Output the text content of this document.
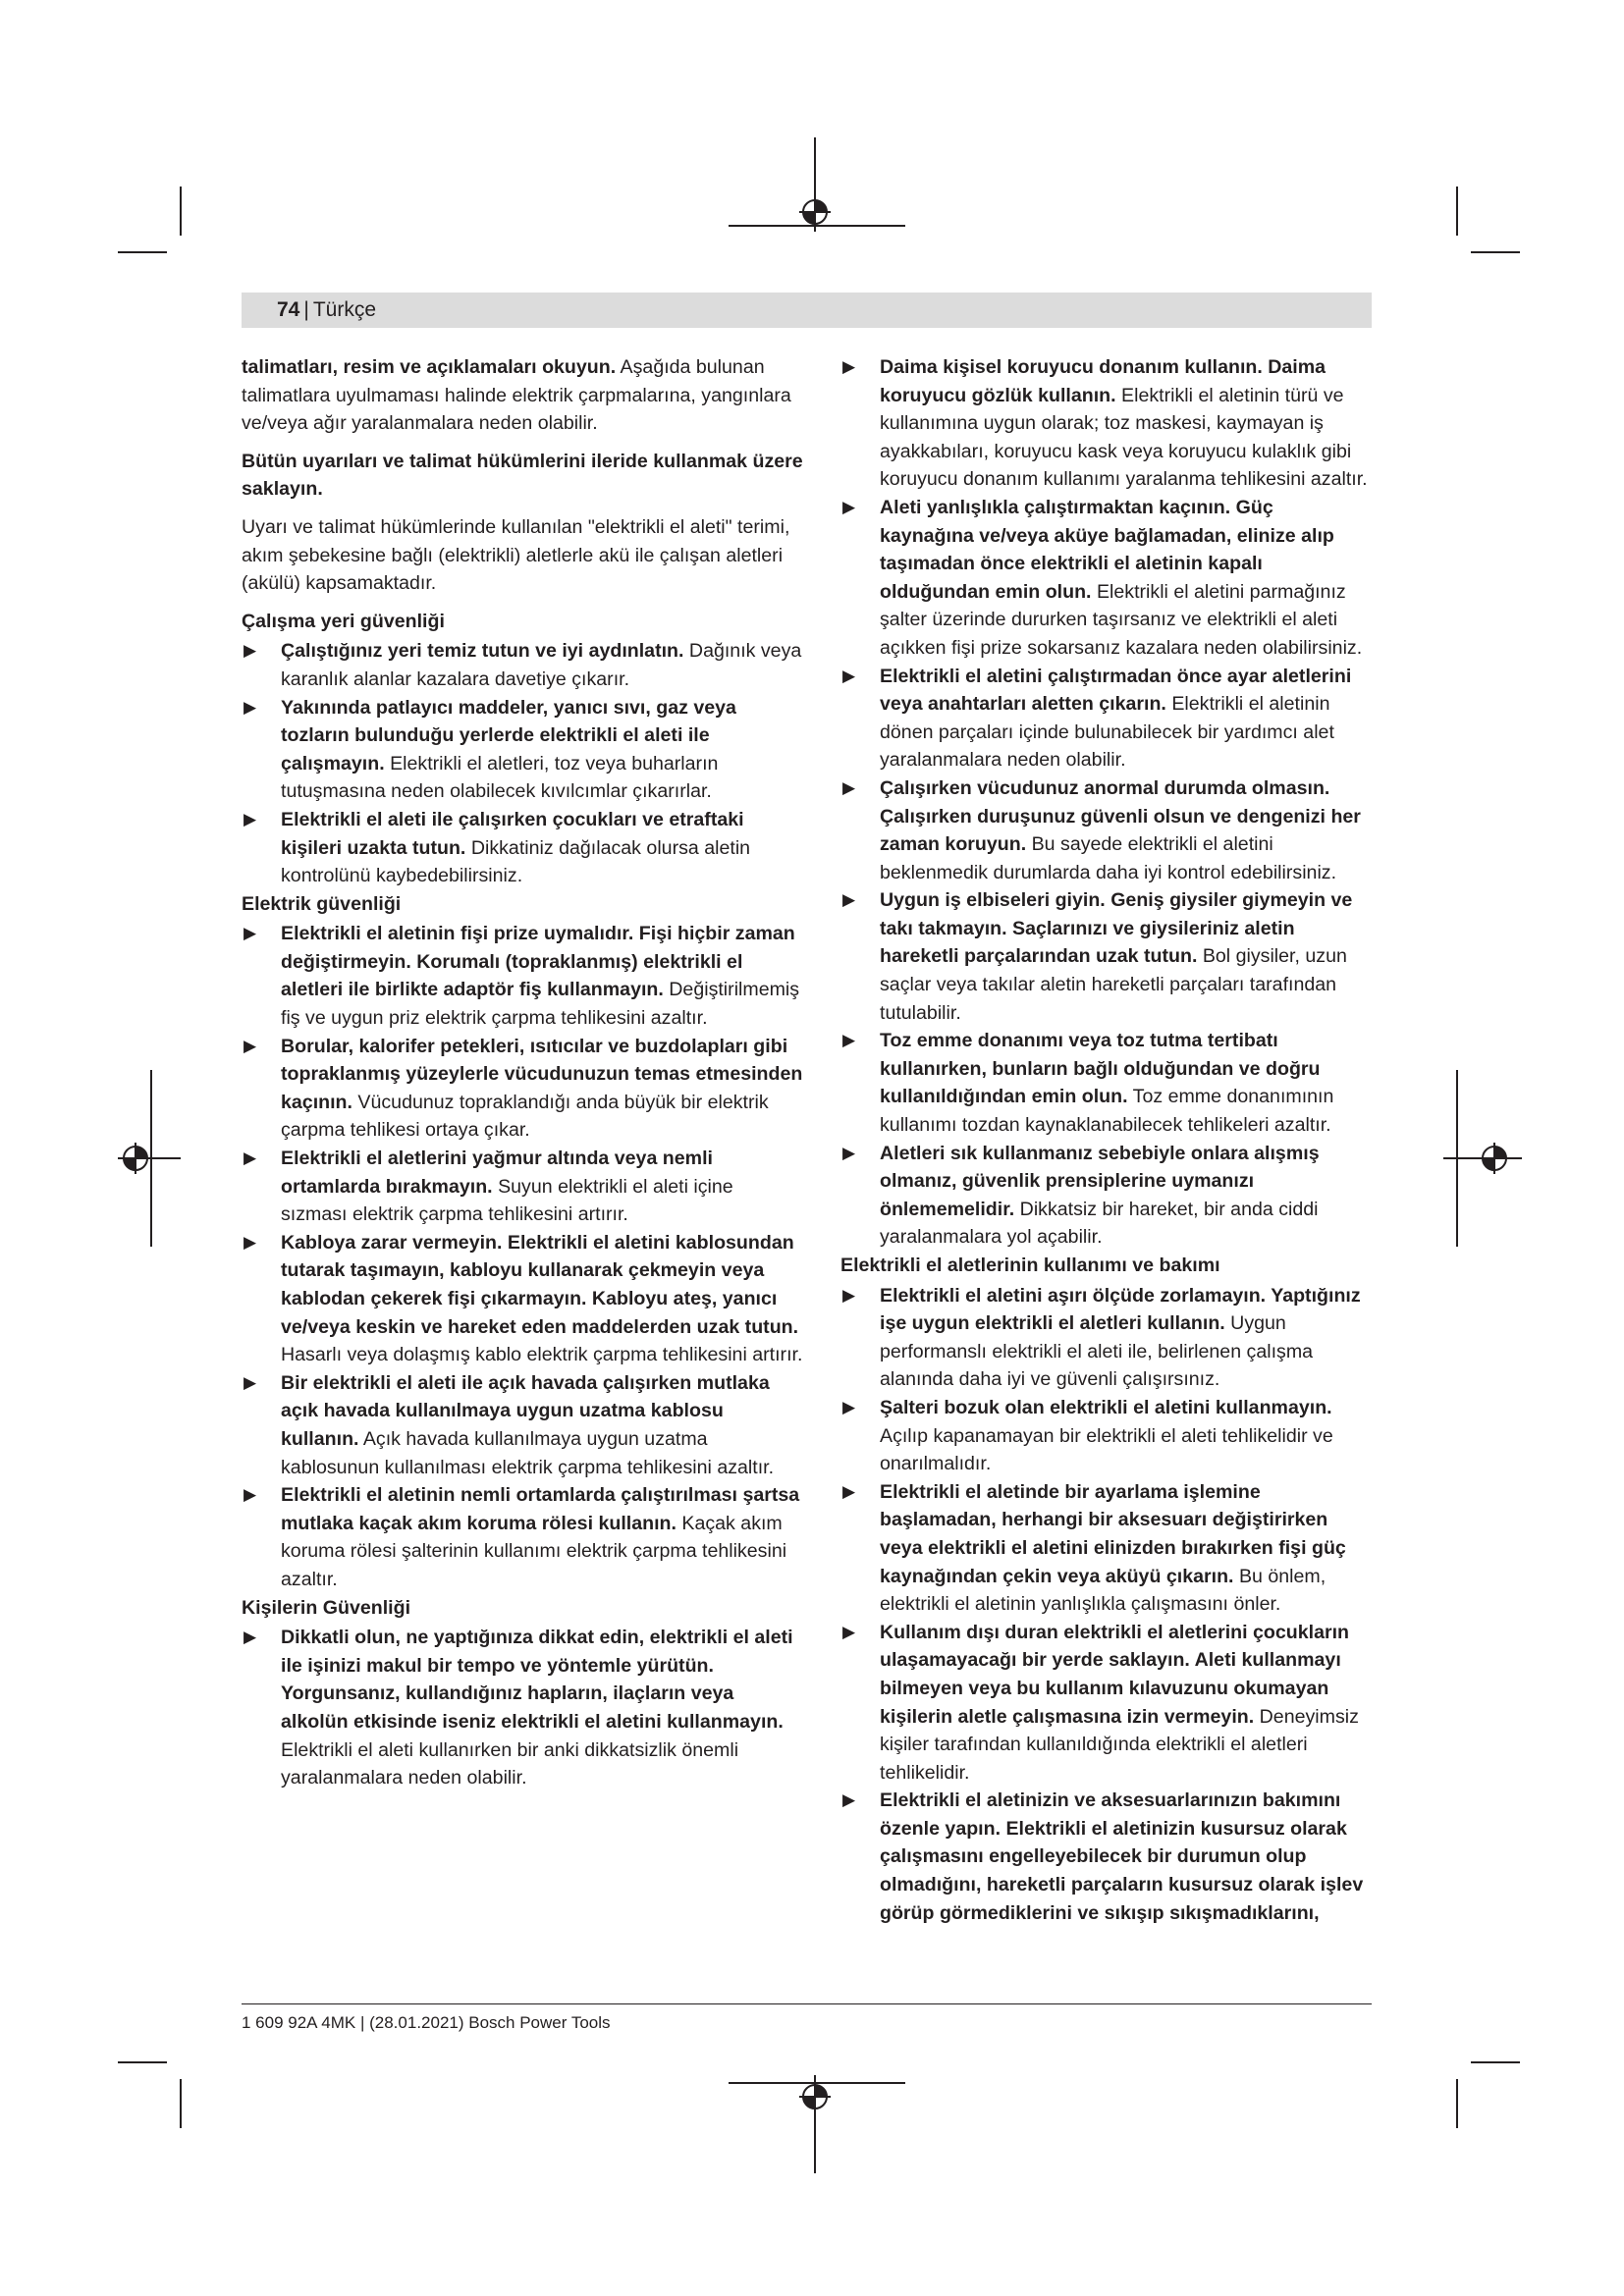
74 | Türkçe

talimatları, resim ve açıklamaları okuyun. Aşağıda bulunan talimatlara uyulmaması halinde elektrik çarpmalarına, yangınlara ve/veya ağır yaralanmalara neden olabilir.

Bütün uyarıları ve talimat hükümlerini ileride kullanmak üzere saklayın.

Uyarı ve talimat hükümlerinde kullanılan "elektrikli el aleti" terimi, akım şebekesine bağlı (elektrikli) aletlerle akü ile çalışan aletleri (akülü) kapsamaktadır.

Çalışma yeri güvenliği

▶ Çalıştığınız yeri temiz tutun ve iyi aydınlatın. Dağınık veya karanlık alanlar kazalara davetiye çıkarır.

▶ Yakınında patlayıcı maddeler, yanıcı sıvı, gaz veya tozların bulunduğu yerlerde elektrikli el aleti ile çalışmayın. Elektrikli el aletleri, toz veya buharların tutuşmasına neden olabilecek kıvılcımlar çıkarırlar.

▶ Elektrikli el aleti ile çalışırken çocukları ve etraftaki kişileri uzakta tutun. Dikkatiniz dağılacak olursa aletin kontrolünü kaybedebilirsiniz.

Elektrik güvenliği

▶ Elektrikli el aletinin fişi prize uymalıdır. Fişi hiçbir zaman değiştirmeyin. Korumalı (topraklanmış) elektrikli el aletleri ile birlikte adaptör fiş kullanmayın. Değiştirilmemiş fiş ve uygun priz elektrik çarpma tehlikesini azaltır.

▶ Borular, kalorifer petekleri, ısıtıcılar ve buzdolapları gibi topraklanmış yüzeylerle vücudunuzun temas etmesinden kaçının. Vücudunuz topraklandığı anda büyük bir elektrik çarpma tehlikesi ortaya çıkar.

▶ Elektrikli el aletlerini yağmur altında veya nemli ortamlarda bırakmayın. Suyun elektrikli el aleti içine sızması elektrik çarpma tehlikesini artırır.

▶ Kabloya zarar vermeyin. Elektrikli el aletini kablosundan tutarak taşımayın, kabloyu kullanarak çekmeyin veya kablodan çekerek fişi çıkarmayın. Kabloyu ateş, yanıcı ve/veya keskin ve hareket eden maddelerden uzak tutun. Hasarlı veya dolaşmış kablo elektrik çarpma tehlikesini artırır.

▶ Bir elektrikli el aleti ile açık havada çalışırken mutlaka açık havada kullanılmaya uygun uzatma kablosu kullanın. Açık havada kullanılmaya uygun uzatma kablosunun kullanılması elektrik çarpma tehlikesini azaltır.

▶ Elektrikli el aletinin nemli ortamlarda çalıştırılması şartsa mutlaka kaçak akım koruma rölesi kullanın. Kaçak akım koruma rölesi şalterinin kullanımı elektrik çarpma tehlikesini azaltır.

Kişilerin Güvenliği

▶ Dikkatli olun, ne yaptığınıza dikkat edin, elektrikli el aleti ile işinizi makul bir tempo ve yöntemle yürütün. Yorgunsanız, kullandığınız hapların, ilaçların veya alkolün etkisinde iseniz elektrikli el aletini kullanmayın. Elektrikli el aleti kullanırken bir anki dikkatsizlik önemli yaralanmalara neden olabilir.

▶ Daima kişisel koruyucu donanım kullanın. Daima koruyucu gözlük kullanın. Elektrikli el aletinin türü ve kullanımına uygun olarak; toz maskesi, kaymayan iş ayakkabıları, koruyucu kask veya koruyucu kulaklık gibi koruyucu donanım kullanımı yaralanma tehlikesini azaltır.

▶ Aleti yanlışlıkla çalıştırmaktan kaçının. Güç kaynağına ve/veya aküye bağlamadan, elinize alıp taşımadan önce elektrikli el aletinin kapalı olduğundan emin olun. Elektrikli el aletini parmağınız şalter üzerinde dururken taşırsanız ve elektrikli el aleti açıkken fişi prize sokarsanız kazalara neden olabilirsiniz.

▶ Elektrikli el aletini çalıştırmadan önce ayar aletlerini veya anahtarları aletten çıkarın. Elektrikli el aletinin dönen parçaları içinde bulunabilecek bir yardımcı alet yaralanmalara neden olabilir.

▶ Çalışırken vücudunuz anormal durumda olmasın. Çalışırken duruşunuz güvenli olsun ve dengenizi her zaman koruyun. Bu sayede elektrikli el aletini beklenmedik durumlarda daha iyi kontrol edebilirsiniz.

▶ Uygun iş elbiseleri giyin. Geniş giysiler giymeyin ve takı takmayın. Saçlarınızı ve giysileriniz aletin hareketli parçalarından uzak tutun. Bol giysiler, uzun saçlar veya takılar aletin hareketli parçaları tarafından tutulabilir.

▶ Toz emme donanımı veya toz tutma tertibatı kullanırken, bunların bağlı olduğundan ve doğru kullanıldığından emin olun. Toz emme donanımının kullanımı tozdan kaynaklanabilecek tehlikeleri azaltır.

▶ Aletleri sık kullanmanız sebebiyle onlara alışmış olmanız, güvenlik prensiplerine uymanızı önlememelidir. Dikkatsiz bir hareket, bir anda ciddi yaralanmalara yol açabilir.

Elektrikli el aletlerinin kullanımı ve bakımı

▶ Elektrikli el aletini aşırı ölçüde zorlamayın. Yaptığınız işe uygun elektrikli el aletleri kullanın. Uygun performanslı elektrikli el aleti ile, belirlenen çalışma alanında daha iyi ve güvenli çalışırsınız.

▶ Şalteri bozuk olan elektrikli el aletini kullanmayın. Açılıp kapanamayan bir elektrikli el aleti tehlikelidir ve onarılmalıdır.

▶ Elektrikli el aletinde bir ayarlama işlemine başlamadan, herhangi bir aksesuarı değiştirirken veya elektrikli el aletini elinizden bırakırken fişi güç kaynağından çekin veya aküyü çıkarın. Bu önlem, elektrikli el aletinin yanlışlıkla çalışmasını önler.

▶ Kullanım dışı duran elektrikli el aletlerini çocukların ulaşamayacağı bir yerde saklayın. Aleti kullanmayı bilmeyen veya bu kullanım kılavuzunu okumayan kişilerin aletle çalışmasına izin vermeyin. Deneyimsiz kişiler tarafından kullanıldığında elektrikli el aletleri tehlikelidir.

▶ Elektrikli el aletinizin ve aksesuarlarınızın bakımını özenle yapın. Elektrikli el aletinizin kusursuz olarak çalışmasını engelleyebilecek bir durumun olup olmadığını, hareketli parçaların kusursuz olarak işlev görüp görmediklerini ve sıkışıp sıkışmadıklarını,

1 609 92A 4MK | (28.01.2021) Bosch Power Tools
